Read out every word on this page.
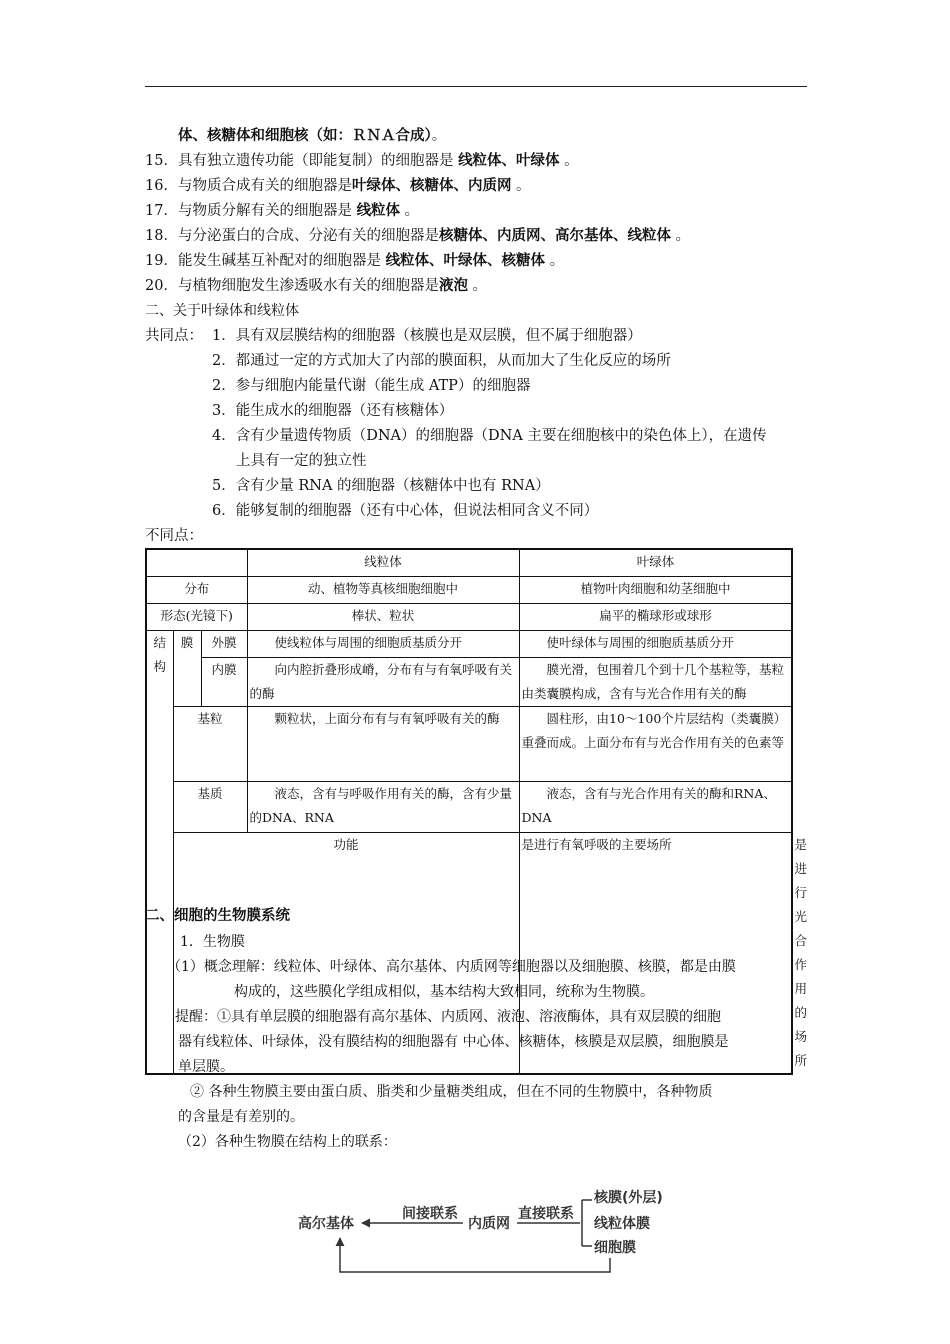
体、核糖体和细胞核（如：ＲＮＡ合成）。
15．具有独立遗传功能（即能复制）的细胞器是 线粒体、叶绿体 。
16．与物质合成有关的细胞器是叶绿体、核糖体、内质网 。
17．与物质分解有关的细胞器是 线粒体 。
18．与分泌蛋白的合成、分泌有关的细胞器是核糖体、内质网、高尔基体、线粒体 。
19．能发生碱基互补配对的细胞器是 线粒体、叶绿体、核糖体 。
20．与植物细胞发生渗透吸水有关的细胞器是液泡 。
二、关于叶绿体和线粒体
共同点： 1．具有双层膜结构的细胞器（核膜也是双层膜，但不属于细胞器）
2．都通过一定的方式加大了内部的膜面积，从而加大了生化反应的场所
2．参与细胞内能量代谢（能生成 ATP）的细胞器
3．能生成水的细胞器（还有核糖体）
4．含有少量遗传物质（DNA）的细胞器（DNA 主要在细胞核中的染色体上），在遗传
上具有一定的独立性
5．含有少量 RNA 的细胞器（核糖体中也有 RNA）
6．能够复制的细胞器（还有中心体，但说法相同含义不同）
不同点：
			线粒体	叶绿体	
分布			动、植物等真核细胞细胞中	植物叶肉细胞和幼茎细胞中	
形态(光镜下)			棒状、粒状	扁平的椭球形或球形	
结构	膜	外膜	使线粒体与周围的细胞质基质分开	使叶绿体与周围的细胞质基质分开	
		内膜	向内腔折叠形成嵴，分布有与有氧呼吸有关的酶	膜光滑，包围着几个到十几个基粒等，基粒由类囊膜构成，含有与光合作用有关的酶	
	基粒		颗粒状，上面分布有与有氧呼吸有关的酶	圆柱形，由10～100个片层结构（类囊膜）重叠而成。上面分布有与光合作用有关的色素等	
	基质		液态，含有与呼吸作用有关的酶，含有少量的DNA、RNA	液态，含有与光合作用有关的酶和RNA、DNA	
	功能			是进行有氧呼吸的主要场所	是进行光合作用的场所
二、细胞的生物膜系统
1．生物膜
（1）概念理解：线粒体、叶绿体、高尔基体、内质网等细胞器以及细胞膜、核膜，都是由膜
构成的，这些膜化学组成相似，基本结构大致相同，统称为生物膜。
提醒：①具有单层膜的细胞器有高尔基体、内质网、液泡、溶液酶体，具有双层膜的细胞
器有线粒体、叶绿体，没有膜结构的细胞器有 中心体、核糖体，核膜是双层膜，细胞膜是
单层膜。
② 各种生物膜主要由蛋白质、脂类和少量糖类组成，但在不同的生物膜中，各种物质
的含量是有差别的。
（2）各种生物膜在结构上的联系：
高尔基体
间接联系
内质网
直接联系
核膜(外层)
线粒体膜
细胞膜
